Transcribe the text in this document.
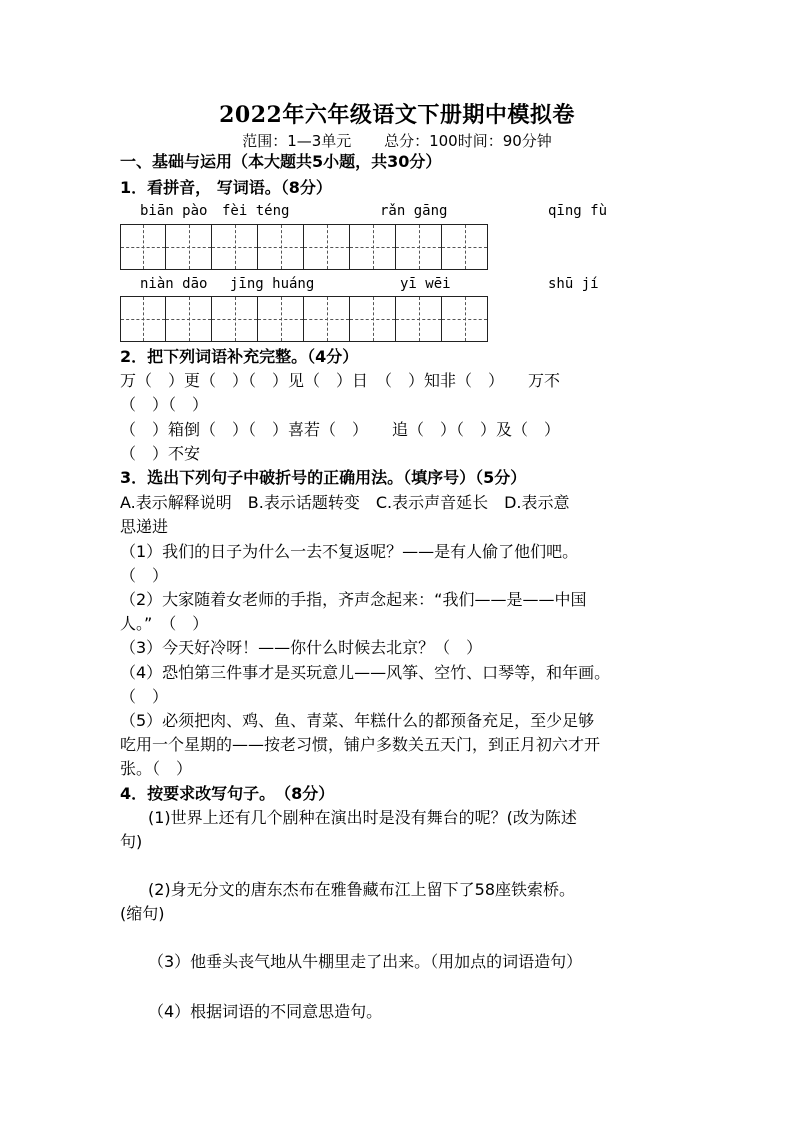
2022年六年级语文下册期中模拟卷
范围：1—3单元 总分：100时间：90分钟
一、基础与运用（本大题共5小题，共30分）
1．看拼音， 写词语。（8分）
biān pào fèi téng	rǎn gāng	qīng fù
niàn dāo jīng huáng	yī wēi	shū jí
2．把下列词语补充完整。（4分）
万（　）更（　）（　）见（　）日　（　）知非（　）　　万不
（　）（　）
（　）箱倒（　）（　）喜若（　）　　追（　）（　）及（　）
（　）不安
3．选出下列句子中破折号的正确用法。（填序号）（5分）
A.表示解释说明　B.表示话题转变　C.表示声音延长　D.表示意
思递进
（1）我们的日子为什么一去不复返呢？——是有人偷了他们吧。
（　）
（2）大家随着女老师的手指，齐声念起来：“我们——是——中国
人。”　（　）
（3）今天好冷呀！——你什么时候去北京？（　）
（4）恐怕第三件事才是买玩意儿——风筝、空竹、口琴等，和年画。
（　）
（5）必须把肉、鸡、鱼、青菜、年糕什么的都预备充足，至少足够
吃用一个星期的——按老习惯，铺户多数关五天门，到正月初六才开
张。（　）
4．按要求改写句子。　（8分）
(1)世界上还有几个剧种在演出时是没有舞台的呢？(改为陈述
句)
(2)身无分文的唐东杰布在雅鲁藏布江上留下了58座铁索桥。
(缩句)
（3）他垂头丧气地从牛棚里走了出来。（用加点的词语造句）
（4）根据词语的不同意思造句。
